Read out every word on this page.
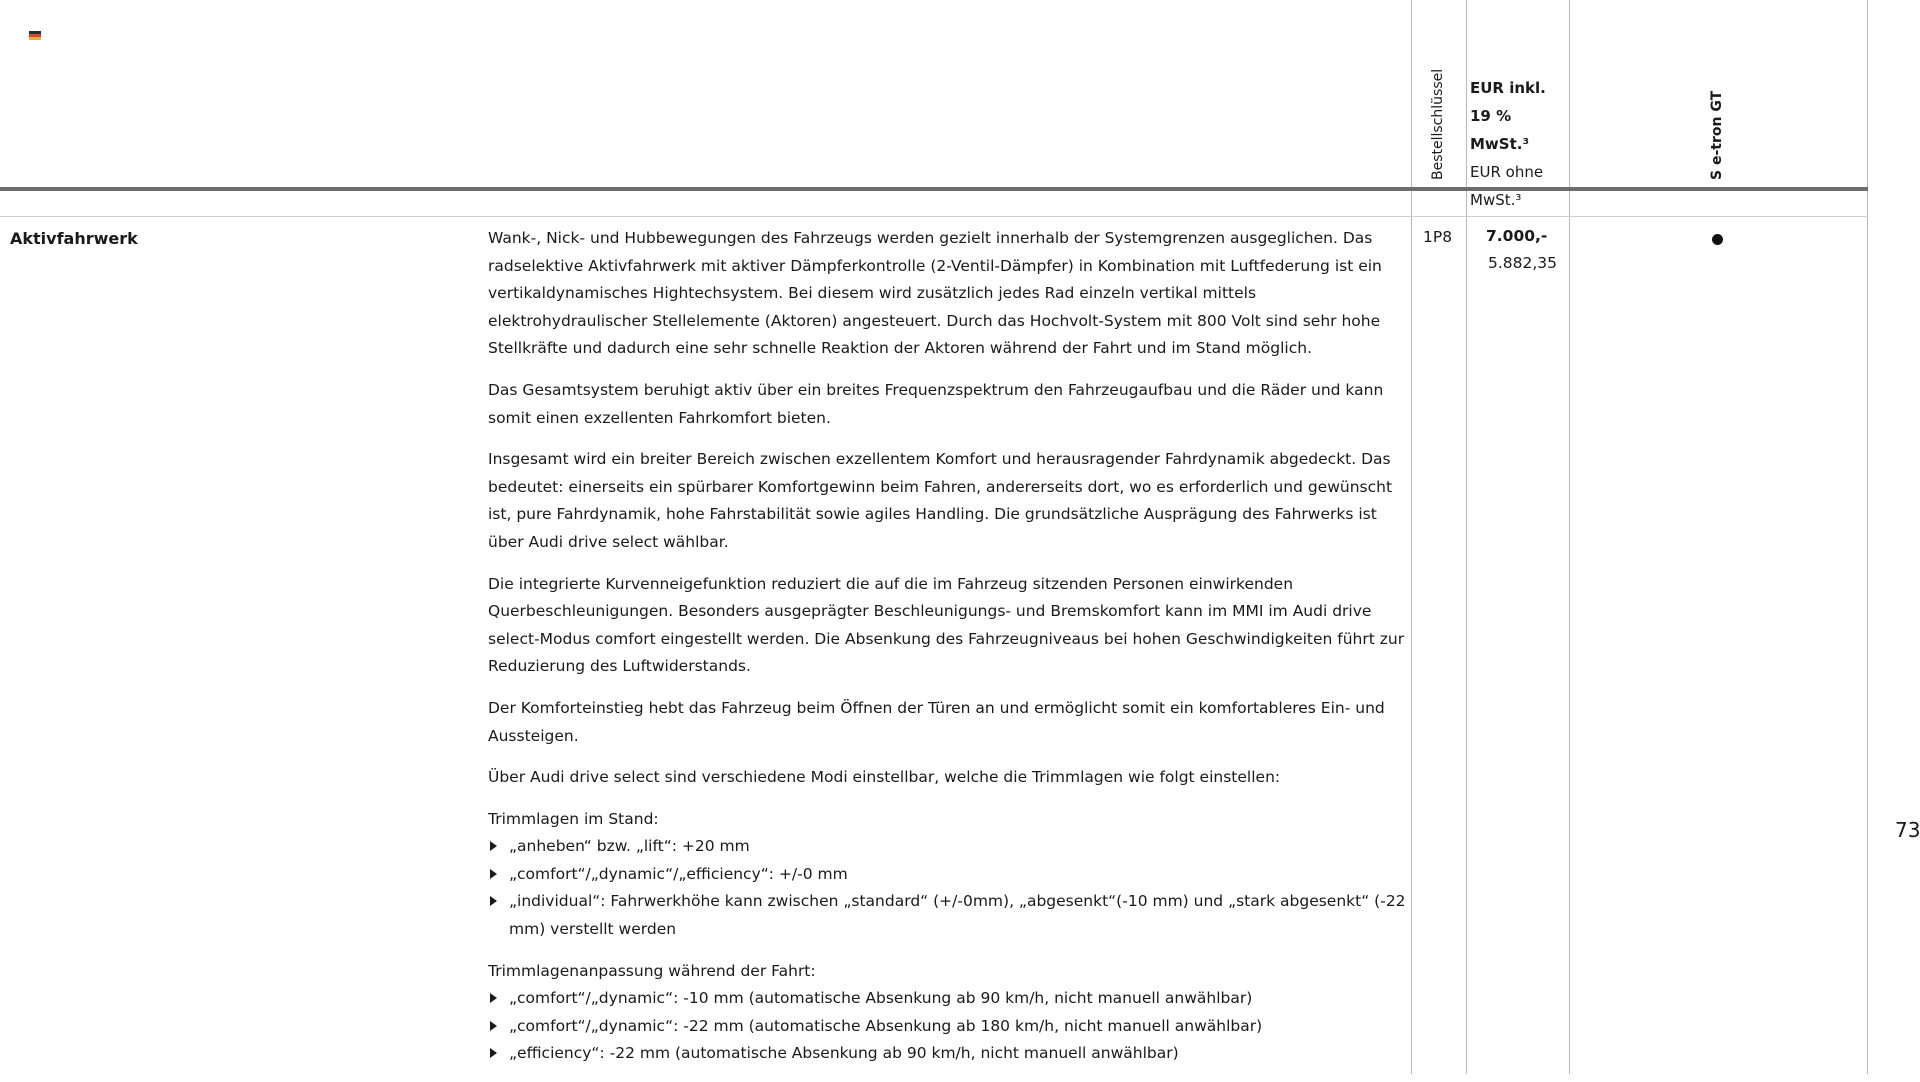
Bestellschlüssel EUR inkl. 19 % MwSt.³
EUR ohne MwSt.³
S e-tron GT
Aktivfahrwerk	Wank-, Nick- und Hubbewegungen des Fahrzeugs werden gezielt innerhalb der Systemgrenzen ausgeglichen. Das radselektive Aktivfahrwerk mit aktiver Dämpferkontrolle (2-Ventil-Dämpfer) in Kombination mit Luftfederung ist ein vertikaldynamisches Hightechsystem. Bei diesem wird zusätzlich jedes Rad einzeln vertikal mittels elektrohydraulischer Stellelemente (Aktoren) angesteuert. Durch das Hochvolt-System mit 800 Volt sind sehr hohe Stellkräfte und dadurch eine sehr schnelle Reaktion der Aktoren während der Fahrt und im Stand möglich.

Das Gesamtsystem beruhigt aktiv über ein breites Frequenzspektrum den Fahrzeugaufbau und die Räder und kann somit einen exzellenten Fahrkomfort bieten.

Insgesamt wird ein breiter Bereich zwischen exzellentem Komfort und herausragender Fahrdynamik abgedeckt. Das bedeutet: einerseits ein spürbarer Komfortgewinn beim Fahren, andererseits dort, wo es erforderlich und gewünscht ist, pure Fahrdynamik, hohe Fahrstabilität sowie agiles Handling. Die grundsätzliche Ausprägung des Fahrwerks ist über Audi drive select wählbar.

Die integrierte Kurvenneigefunktion reduziert die auf die im Fahrzeug sitzenden Personen einwirkenden Querbeschleunigungen. Besonders ausgeprägter Beschleunigungs- und Bremskomfort kann im MMI im Audi drive select-Modus comfort eingestellt werden. Die Absenkung des Fahrzeugniveaus bei hohen Geschwindigkeiten führt zur Reduzierung des Luftwiderstands.

Der Komforteinstieg hebt das Fahrzeug beim Öffnen der Türen an und ermöglicht somit ein komfortableres Ein- und Aussteigen.

Über Audi drive select sind verschiedene Modi einstellbar, welche die Trimmlagen wie folgt einstellen:

Trimmlagen im Stand:

„anheben“ bzw. „lift“: +20 mm
„comfort“/„dynamic“/„efficiency“: +/-0 mm
„individual“: Fahrwerkhöhe kann zwischen „standard“ (+/-0mm), „abgesenkt“(-10 mm) und „stark abgesenkt“ (-22 mm) verstellt werden

Trimmlagenanpassung während der Fahrt:

„comfort“/„dynamic“: -10 mm (automatische Absenkung ab 90 km/h, nicht manuell anwählbar)
„comfort“/„dynamic“: -22 mm (automatische Absenkung ab 180 km/h, nicht manuell anwählbar)
„efficiency“: -22 mm (automatische Absenkung ab 90 km/h, nicht manuell anwählbar)
1P8 7.000,-
5.882,35
73
